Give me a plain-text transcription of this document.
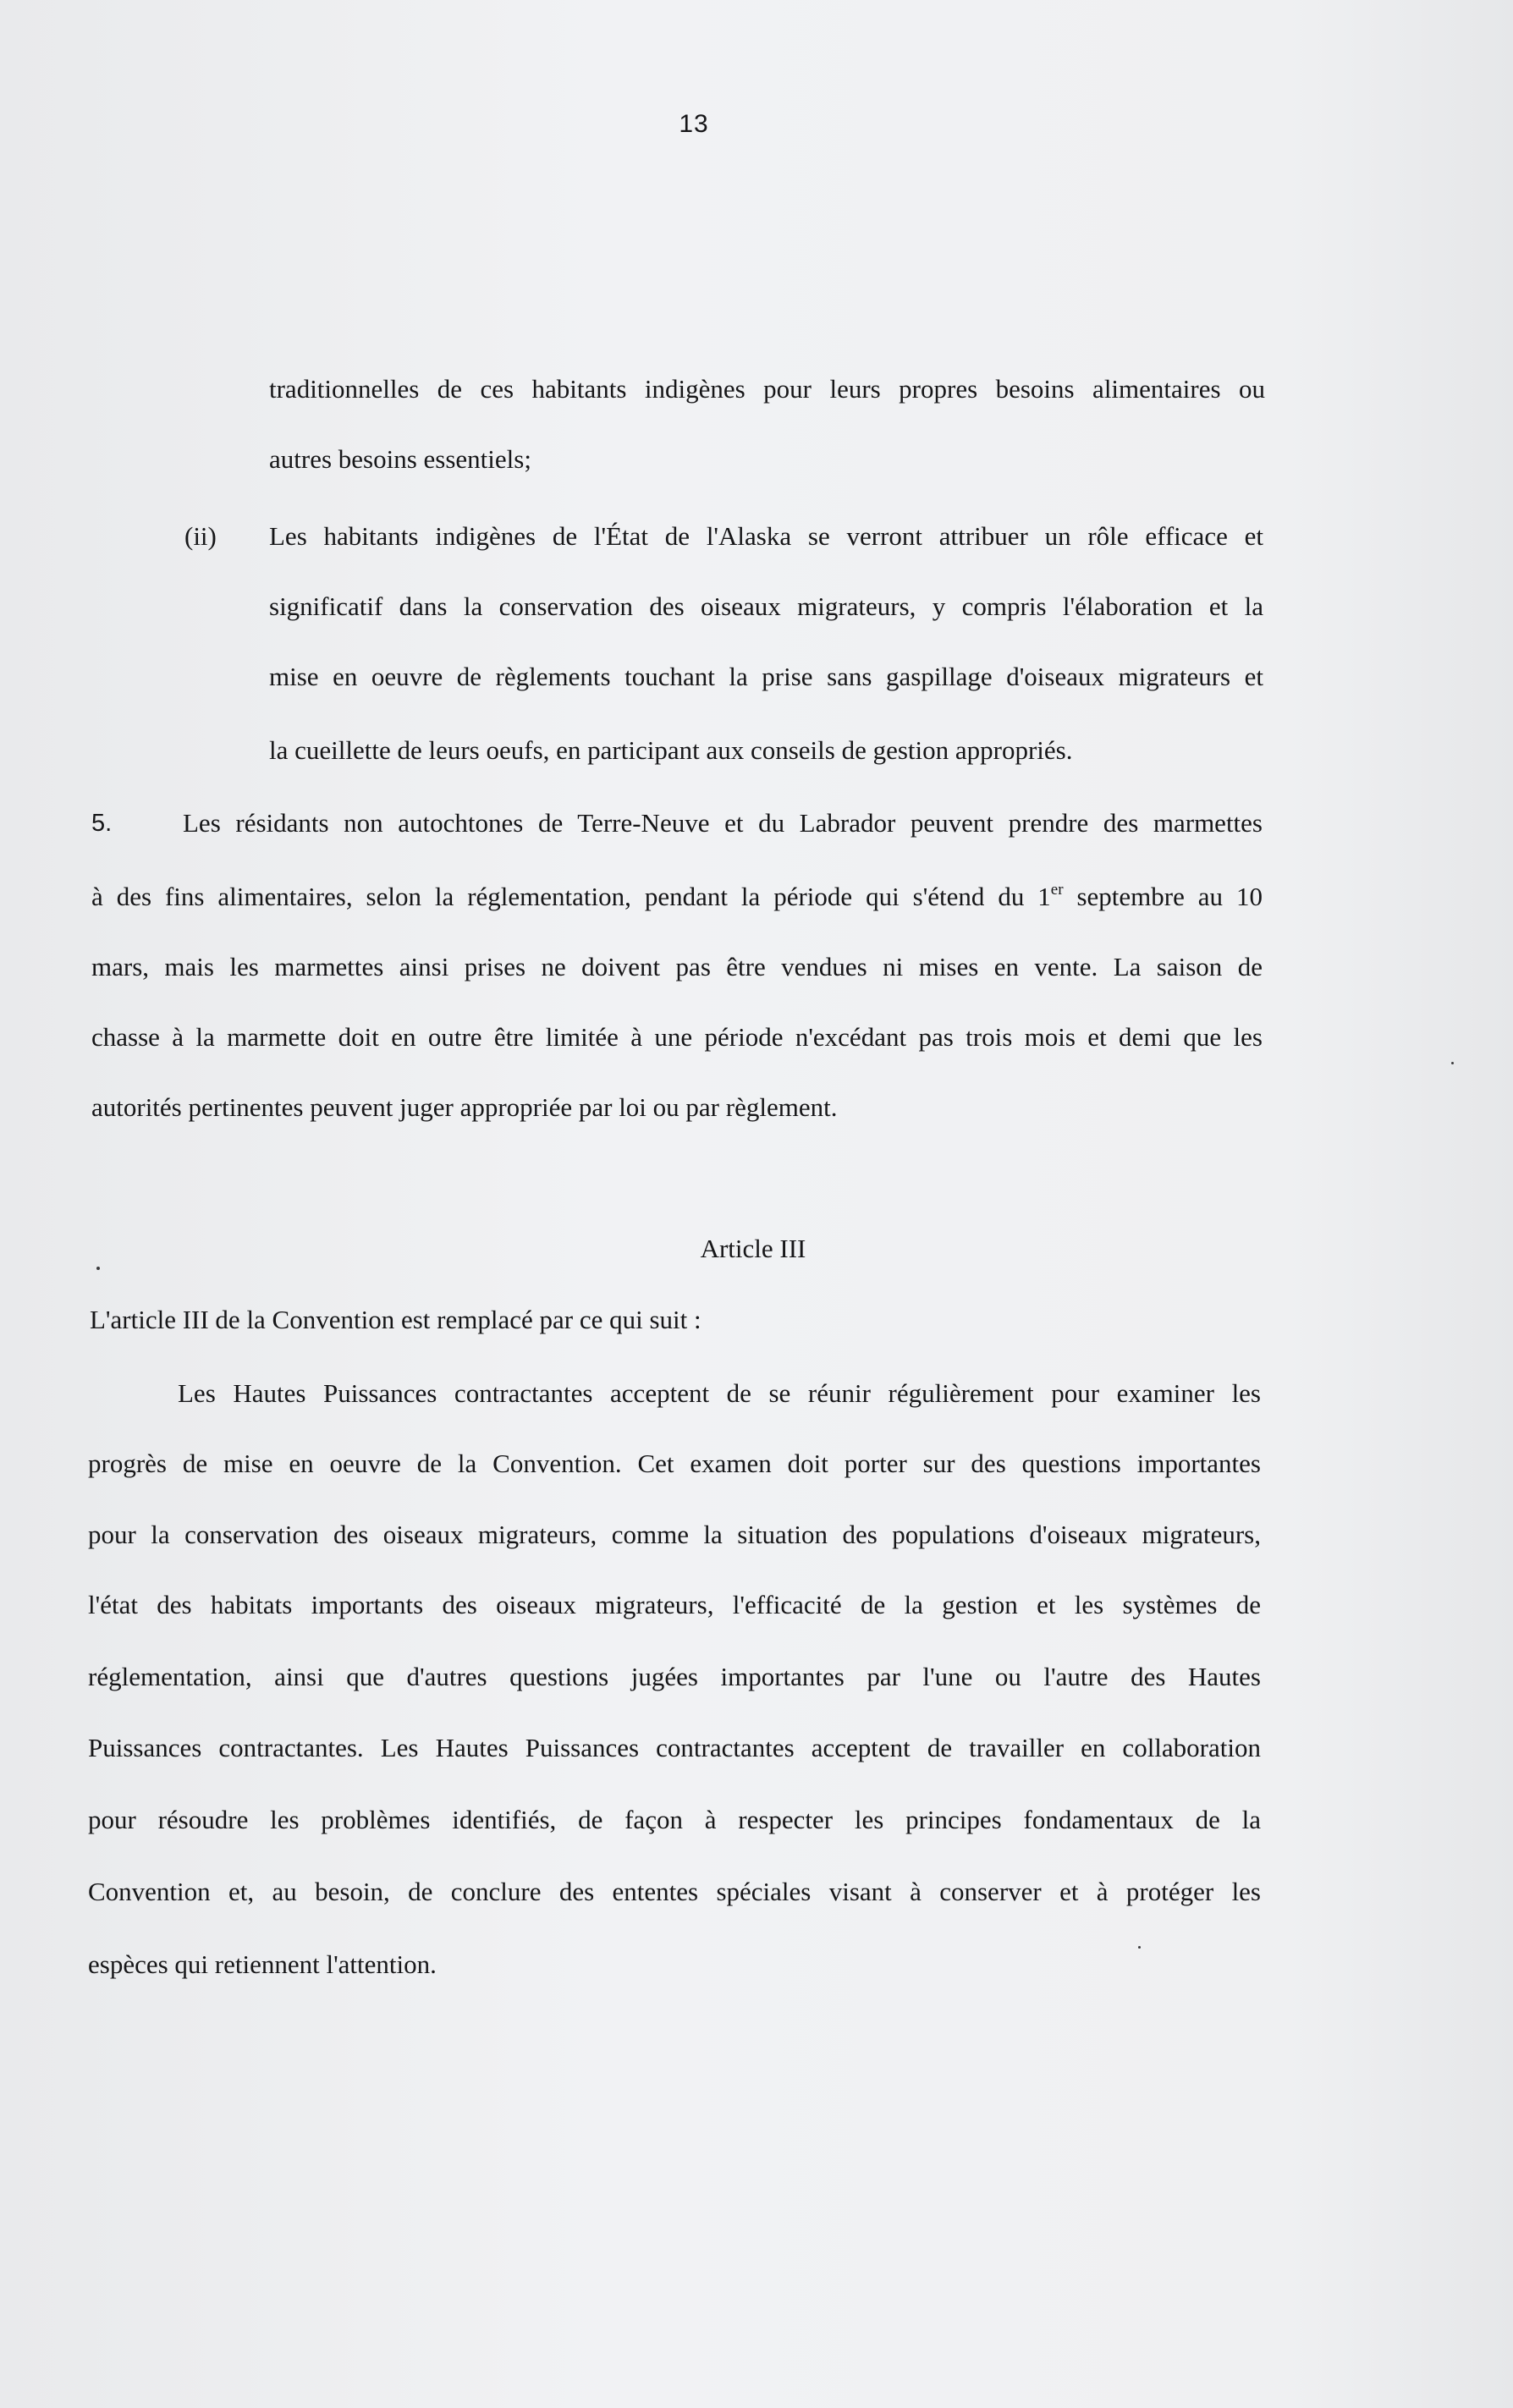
13
traditionnelles de ces habitants indigènes pour leurs propres besoins alimentaires ou
autres besoins essentiels;
(ii) Les habitants indigènes de l'État de l'Alaska se verront attribuer un rôle efficace et
significatif dans la conservation des oiseaux migrateurs, y compris l'élaboration et la
mise en oeuvre de règlements touchant la prise sans gaspillage d'oiseaux migrateurs et
la cueillette de leurs oeufs, en participant aux conseils de gestion appropriés.
5.	Les résidants non autochtones de Terre-Neuve et du Labrador peuvent prendre des marmettes
à des fins alimentaires, selon la réglementation, pendant la période qui s'étend du 1er septembre au 10
mars, mais les marmettes ainsi prises ne doivent pas être vendues ni mises en vente. La saison de
chasse à la marmette doit en outre être limitée à une période n'excédant pas trois mois et demi que les
autorités pertinentes peuvent juger appropriée par loi ou par règlement.
Article III
L'article III de la Convention est remplacé par ce qui suit :
Les Hautes Puissances contractantes acceptent de se réunir régulièrement pour examiner les
progrès de mise en oeuvre de la Convention. Cet examen doit porter sur des questions importantes
pour la conservation des oiseaux migrateurs, comme la situation des populations d'oiseaux migrateurs,
l'état des habitats importants des oiseaux migrateurs, l'efficacité de la gestion et les systèmes de
réglementation, ainsi que d'autres questions jugées importantes par l'une ou l'autre des Hautes
Puissances contractantes. Les Hautes Puissances contractantes acceptent de travailler en collaboration
pour résoudre les problèmes identifiés, de façon à respecter les principes fondamentaux de la
Convention et, au besoin, de conclure des ententes spéciales visant à conserver et à protéger les
espèces qui retiennent l'attention.
